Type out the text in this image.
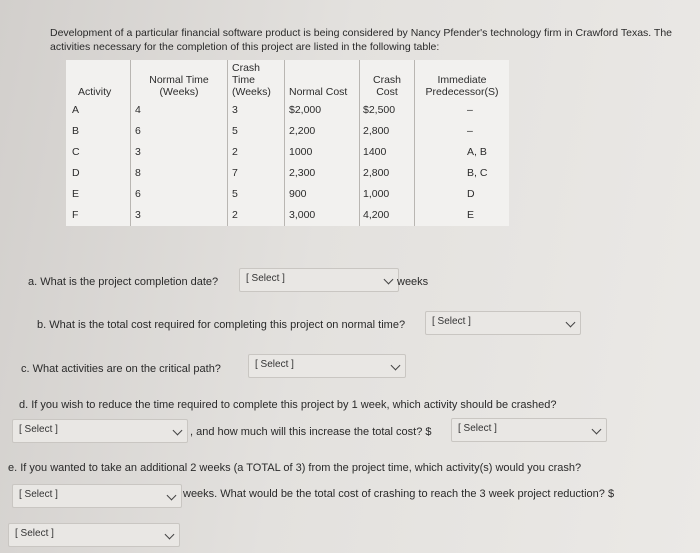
Development of a particular financial software product is being considered by Nancy Pfender's technology firm in Crawford Texas. The activities necessary for the completion of this project are listed in the following table:
Activity	Normal Time (Weeks)	Crash Time (Weeks)	Normal Cost	Crash Cost	Immediate Predecessor(S)
A	4	3	$2,000	$2,500	–
B	6	5	2,200	2,800	–
C	3	2	1000	1400	A, B
D	8	7	2,300	2,800	B, C
E	6	5	900	1,000	D
F	3	2	3,000	4,200	E
a. What is the project completion date?	[ Select ]	weeks
b. What is the total cost required for completing this project on normal time?	[ Select ]
c. What activities are on the critical path?	[ Select ]
d. If you wish to reduce the time required to complete this project by 1 week, which activity should be crashed?
[ Select ]	, and how much will this increase the total cost? $	[ Select ]
e. If you wanted to take an additional 2 weeks (a TOTAL of 3) from the project time, which activity(s) would you crash?
[ Select ]	weeks. What would be the total cost of crashing to reach the 3 week project reduction? $
[ Select ]
